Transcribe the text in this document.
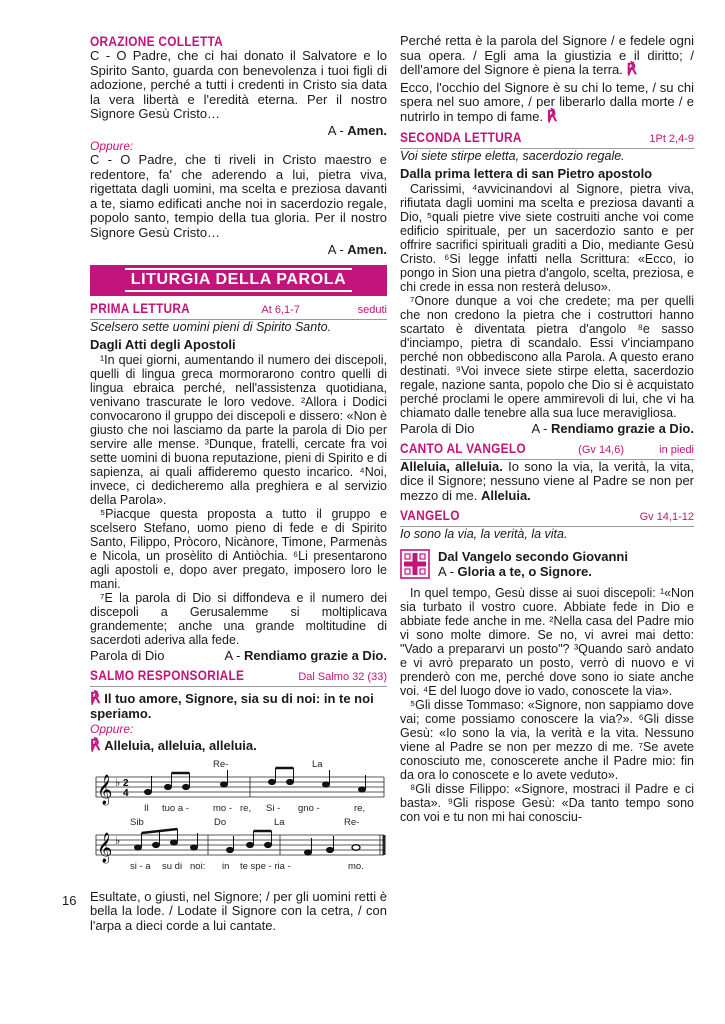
16
ORAZIONE COLLETTA

C - O Padre, che ci hai donato il Salvatore e lo Spirito Santo, guarda con benevolenza i tuoi figli di adozione, perché a tutti i credenti in Cristo sia data la vera libertà e l'eredità eterna. Per il nostro Signore Gesù Cristo…

A - Amen.
Oppure:

C - O Padre, che ti riveli in Cristo maestro e redentore, fa' che aderendo a lui, pietra viva, rigettata dagli uomini, ma scelta e preziosa davanti a te, siamo edificati anche noi in sacerdozio regale, popolo santo, tempio della tua gloria. Per il nostro Signore Gesù Cristo…

A - Amen.
LITURGIA DELLA PAROLA
PRIMA LETTURA	At 6,1-7	seduti
Scelsero sette uomini pieni di Spirito Santo.
Dagli Atti degli Apostoli

¹In quei giorni, aumentando il numero dei discepoli, quelli di lingua greca mormorarono contro quelli di lingua ebraica perché, nell'assistenza quotidiana, venivano trascurate le loro vedove. ²Allora i Dodici convocarono il gruppo dei discepoli e dissero: «Non è giusto che noi lasciamo da parte la parola di Dio per servire alle mense. ³Dunque, fratelli, cercate fra voi sette uomini di buona reputazione, pieni di Spirito e di sapienza, ai quali affideremo questo incarico. ⁴Noi, invece, ci dedicheremo alla preghiera e al servizio della Parola».

⁵Piacque questa proposta a tutto il gruppo e scelsero Stefano, uomo pieno di fede e di Spirito Santo, Filippo, Pròcoro, Nicànore, Timone, Parmenàs e Nicola, un prosèlito di Antiòchia. ⁶Li presentarono agli apostoli e, dopo aver pregato, imposero loro le mani.

⁷E la parola di Dio si diffondeva e il numero dei discepoli a Gerusalemme si moltiplicava grandemente; anche una grande moltitudine di sacerdoti aderiva alla fede.

Parola di Dio	A - Rendiamo grazie a Dio.
SALMO RESPONSORIALE	Dal Salmo 32 (33)
℟ Il tuo amore, Signore, sia su di noi: in te noi speriamo.
Oppure:
℟ Alleluia, alleluia, alleluia.
𝄞 ♭ 2
4
Re-	La
Il tuo a -	mo - re, Si - gno -	re,
𝄞 ♭
Sib	Do	La	Re-
si - a su di noi: in te spe - ria -	mo.

Esultate, o giusti, nel Signore; / per gli uomini retti è bella la lode. / Lodate il Signore con la cetra, / con l'arpa a dieci corde a lui cantate.

Perché retta è la parola del Signore / e fedele ogni sua opera. / Egli ama la giustizia e il diritto; / dell'amore del Signore è piena la terra. ℟

Ecco, l'occhio del Signore è su chi lo teme, / su chi spera nel suo amore, / per liberarlo dalla morte / e nutrirlo in tempo di fame. ℟

SECONDA LETTURA	1Pt 2,4-9
Voi siete stirpe eletta, sacerdozio regale.
Dalla prima lettera di san Pietro apostolo

Carissimi, ⁴avvicinandovi al Signore, pietra viva, rifiutata dagli uomini ma scelta e preziosa davanti a Dio, ⁵quali pietre vive siete costruiti anche voi come edificio spirituale, per un sacerdozio santo e per offrire sacrifici spirituali graditi a Dio, mediante Gesù Cristo. ⁶Si legge infatti nella Scrittura: «Ecco, io pongo in Sion una pietra d'angolo, scelta, preziosa, e chi crede in essa non resterà deluso».

⁷Onore dunque a voi che credete; ma per quelli che non credono la pietra che i costruttori hanno scartato è diventata pietra d'angolo ⁸e sasso d'inciampo, pietra di scandalo. Essi v'inciampano perché non obbediscono alla Parola. A questo erano destinati. ⁹Voi invece siete stirpe eletta, sacerdozio regale, nazione santa, popolo che Dio si è acquistato perché proclami le opere ammirevoli di lui, che vi ha chiamato dalle tenebre alla sua luce meravigliosa.

Parola di Dio	A - Rendiamo grazie a Dio.
CANTO AL VANGELO	(Gv 14,6)	in piedi

Alleluia, alleluia. Io sono la via, la verità, la vita, dice il Signore; nessuno viene al Padre se non per mezzo di me. Alleluia.

VANGELO	Gv 14,1-12
Io sono la via, la verità, la vita.
Dal Vangelo secondo Giovanni
A - Gloria a te, o Signore.

In quel tempo, Gesù disse ai suoi discepoli: ¹«Non sia turbato il vostro cuore. Abbiate fede in Dio e abbiate fede anche in me. ²Nella casa del Padre mio vi sono molte dimore. Se no, vi avrei mai detto: "Vado a prepararvi un posto"? ³Quando sarò andato e vi avrò preparato un posto, verrò di nuovo e vi prenderò con me, perché dove sono io siate anche voi. ⁴E del luogo dove io vado, conoscete la via».

⁵Gli disse Tommaso: «Signore, non sappiamo dove vai; come possiamo conoscere la via?». ⁶Gli disse Gesù: «Io sono la via, la verità e la vita. Nessuno viene al Padre se non per mezzo di me. ⁷Se avete conosciuto me, conoscerete anche il Padre mio: fin da ora lo conoscete e lo avete veduto».

⁸Gli disse Filippo: «Signore, mostraci il Padre e ci basta». ⁹Gli rispose Gesù: «Da tanto tempo sono con voi e tu non mi hai conosciu-
